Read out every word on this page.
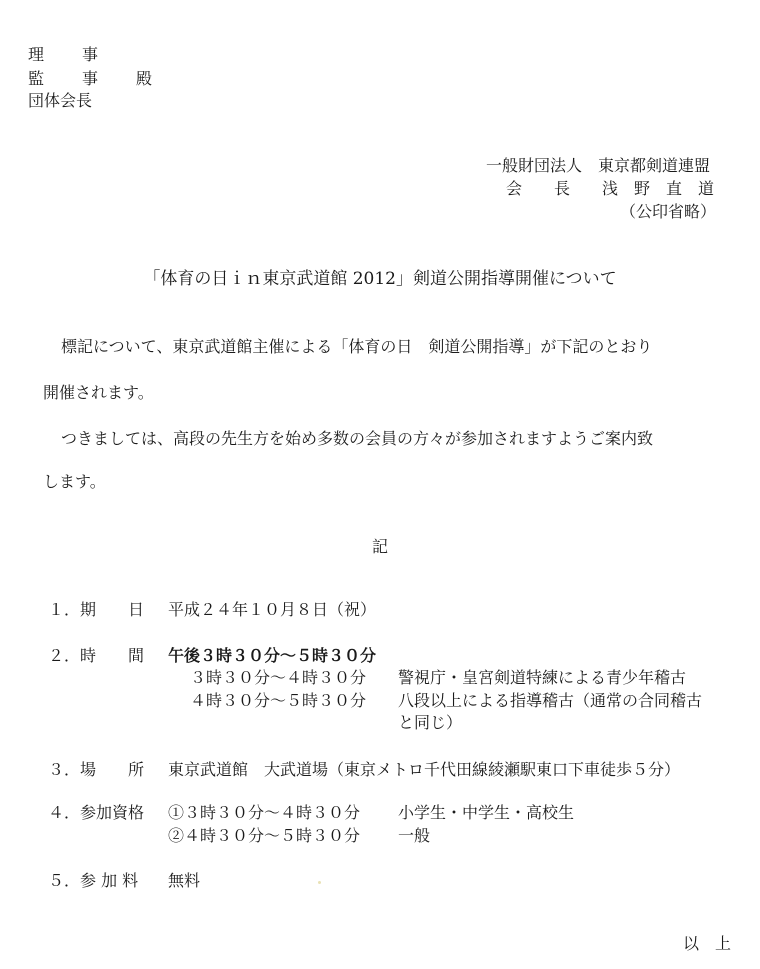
理 事
監 事 殿
団体会長
一般財団法人　東京都剣道連盟
会　　長　　浅　野　直　道
（公印省略）
「体育の日ｉｎ東京武道館 2012」剣道公開指導開催について
標記について、東京武道館主催による「体育の日　剣道公開指導」が下記のとおり
開催されます。
つきましては、高段の先生方を始め多数の会員の方々が参加されますようご案内致
します。
記
１． 期　　日 平成２４年１０月８日（祝）
２． 時　　間 午後３時３０分～５時３０分
３時３０分～４時３０分 警視庁・皇宮剣道特練による青少年稽古
４時３０分～５時３０分 八段以上による指導稽古（通常の合同稽古
と同じ）
３． 場　　所 東京武道館　大武道場（東京メトロ千代田線綾瀬駅東口下車徒歩５分）
４． 参加資格 ①３時３０分～４時３０分 小学生・中学生・高校生
②４時３０分～５時３０分 一般
５． 参 加 料 無料
以　上
